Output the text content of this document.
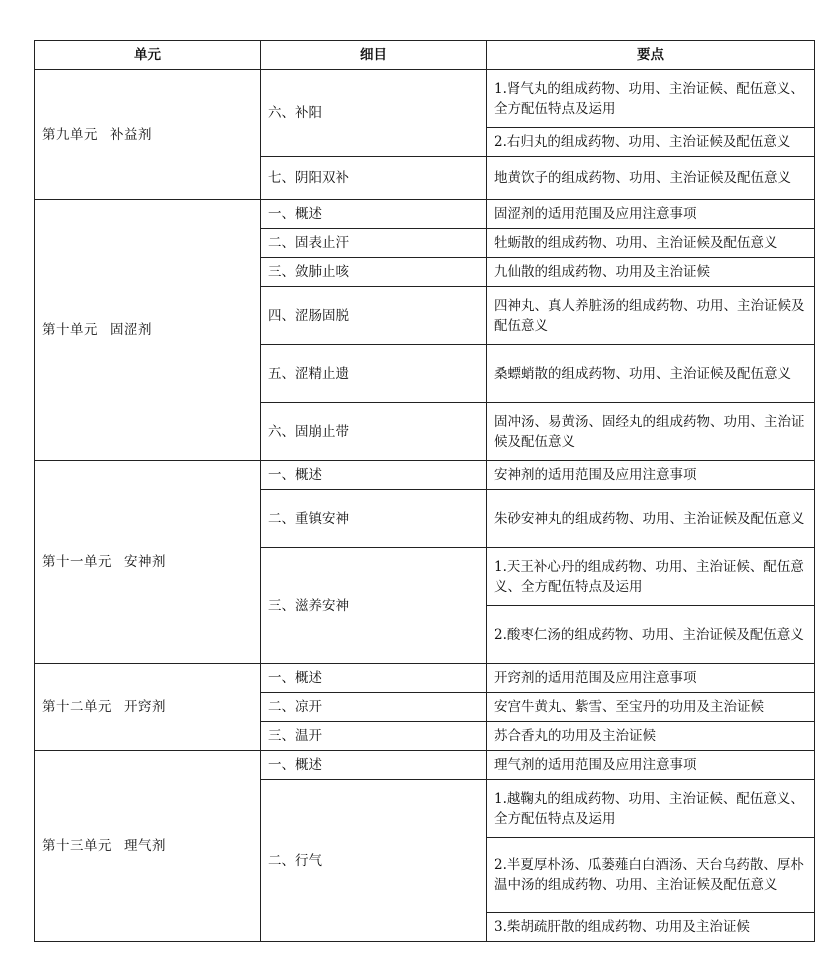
单元	细目	要点
第九单元 补益剂	六、补阳	1.肾气丸的组成药物、功用、主治证候、配伍意义、全方配伍特点及运用
		2.右归丸的组成药物、功用、主治证候及配伍意义
	七、阴阳双补	地黄饮子的组成药物、功用、主治证候及配伍意义
第十单元 固涩剂	一、概述	固涩剂的适用范围及应用注意事项
	二、固表止汗	牡蛎散的组成药物、功用、主治证候及配伍意义
	三、敛肺止咳	九仙散的组成药物、功用及主治证候
	四、涩肠固脱	四神丸、真人养脏汤的组成药物、功用、主治证候及配伍意义
	五、涩精止遗	桑螵蛸散的组成药物、功用、主治证候及配伍意义
	六、固崩止带	固冲汤、易黄汤、固经丸的组成药物、功用、主治证候及配伍意义
第十一单元 安神剂	一、概述	安神剂的适用范围及应用注意事项
	二、重镇安神	朱砂安神丸的组成药物、功用、主治证候及配伍意义
	三、滋养安神	1.天王补心丹的组成药物、功用、主治证候、配伍意义、全方配伍特点及运用
		2.酸枣仁汤的组成药物、功用、主治证候及配伍意义
第十二单元 开窍剂	一、概述	开窍剂的适用范围及应用注意事项
	二、凉开	安宫牛黄丸、紫雪、至宝丹的功用及主治证候
	三、温开	苏合香丸的功用及主治证候
第十三单元 理气剂	一、概述	理气剂的适用范围及应用注意事项
	二、行气	1.越鞠丸的组成药物、功用、主治证候、配伍意义、全方配伍特点及运用
		2.半夏厚朴汤、瓜蒌薤白白酒汤、天台乌药散、厚朴温中汤的组成药物、功用、主治证候及配伍意义
		3.柴胡疏肝散的组成药物、功用及主治证候
